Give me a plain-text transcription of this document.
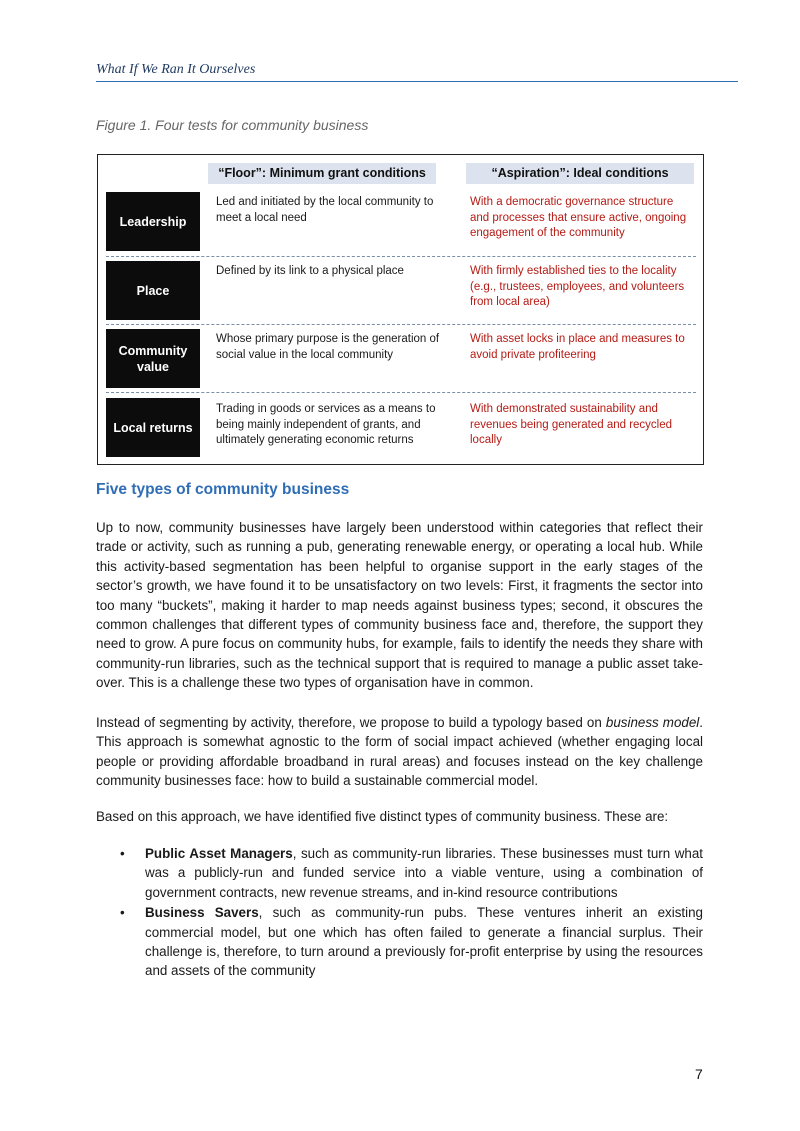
What If We Ran It Ourselves
Figure 1. Four tests for community business
“Floor”: Minimum grant conditions	“Aspiration”: Ideal conditions
Leadership
Led and initiated by the local community to meet a local need
With a democratic governance structure and processes that ensure active, ongoing engagement of the community
Place
Defined by its link to a physical place	With firmly established ties to the locality (e.g., trustees, employees, and volunteers from local area)
Community value
Whose primary purpose is the generation of social value in the local community
With asset locks in place and measures to avoid private profiteering
Local returns
Trading in goods or services as a means to being mainly independent of grants, and ultimately generating economic returns
With demonstrated sustainability and revenues being generated and recycled locally
Five types of community business
Up to now, community businesses have largely been understood within categories that reflect their trade or activity, such as running a pub, generating renewable energy, or operating a local hub. While this activity-based segmentation has been helpful to organise support in the early stages of the sector’s growth, we have found it to be unsatisfactory on two levels: First, it fragments the sector into too many “buckets”, making it harder to map needs against business types; second, it obscures the common challenges that different types of community business face and, therefore, the support they need to grow. A pure focus on community hubs, for example, fails to identify the needs they share with community-run libraries, such as the technical support that is required to manage a public asset take-over. This is a challenge these two types of organisation have in common.
Instead of segmenting by activity, therefore, we propose to build a typology based on business model. This approach is somewhat agnostic to the form of social impact achieved (whether engaging local people or providing affordable broadband in rural areas) and focuses instead on the key challenge community businesses face: how to build a sustainable commercial model.
Based on this approach, we have identified five distinct types of community business. These are:
• Public Asset Managers, such as community-run libraries. These businesses must turn what was a publicly-run and funded service into a viable venture, using a combination of government contracts, new revenue streams, and in-kind resource contributions
• Business Savers, such as community-run pubs. These ventures inherit an existing commercial model, but one which has often failed to generate a financial surplus. Their challenge is, therefore, to turn around a previously for-profit enterprise by using the resources and assets of the community
7
